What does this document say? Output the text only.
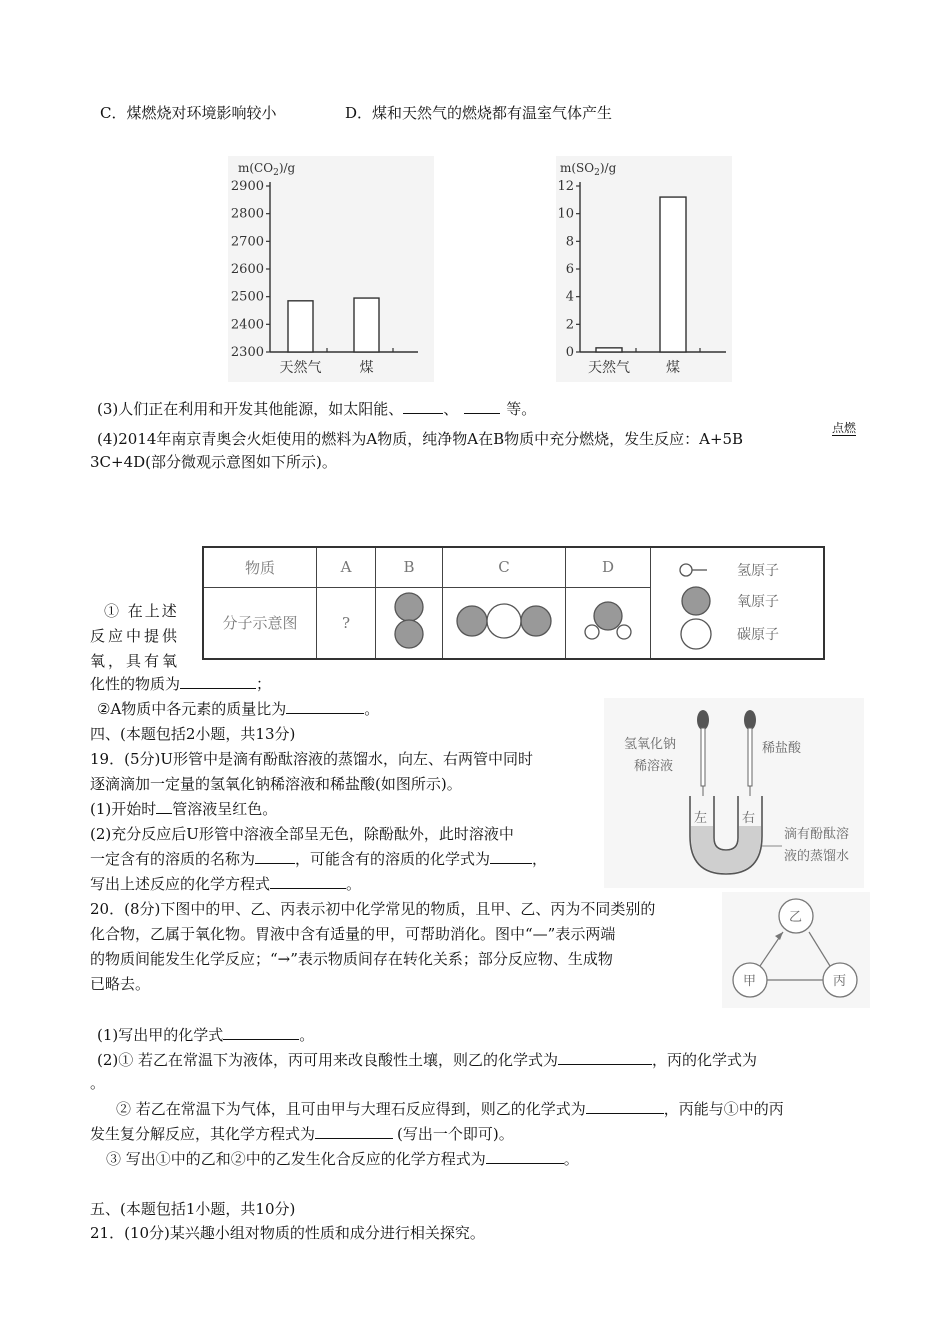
C．煤燃烧对环境影响较小	D．煤和天然气的燃烧都有温室气体产生
$m(CO_2)/g$
2300
2400
2500
2600
2700
2800
2900
天然气	煤
$m(SO_2)/g$
0
2
4
6
8
10
12
天然气	煤
(3)人们正在利用和开发其他能源，如太阳能、	、	等。
(4)2014年南京青奥会火炬使用的燃料为A物质，纯净物A在B物质中充分燃烧，发生反应：A+5B
点燃
3C+4D(部分微观示意图如下所示)。
物质	A	B	C	D	氢原子
氧原子
碳原子

分子示意图	?			
① 在上述
反应中提供
氧，具有氧
化性的物质为	；
②A物质中各元素的质量比为	。
四、(本题包括2小题，共13分)
19．(5分)U形管中是滴有酚酞溶液的蒸馏水，向左、右两管中同时
逐滴滴加一定量的氢氧化钠稀溶液和稀盐酸(如图所示)。
(1)开始时 管溶液呈红色。
(2)充分反应后U形管中溶液全部呈无色，除酚酞外，此时溶液中
一定含有的溶质的名称为	，可能含有的溶质的化学式为	，
写出上述反应的化学方程式	。
左	右
氢氧化钠
稀溶液
稀盐酸
滴有酚酞溶
液的蒸馏水
20．(8分)下图中的甲、乙、丙表示初中化学常见的物质，且甲、乙、丙为不同类别的
化合物，乙属于氧化物。胃液中含有适量的甲，可帮助消化。图中“—”表示两端
的物质间能发生化学反应；“→”表示物质间存在转化关系；部分反应物、生成物
已略去。
乙
甲	丙
(1)写出甲的化学式	。
(2)① 若乙在常温下为液体，丙可用来改良酸性土壤，则乙的化学式为	，丙的化学式为
。
② 若乙在常温下为气体，且可由甲与大理石反应得到，则乙的化学式为	，丙能与①中的丙
发生复分解反应，其化学方程式为	(写出一个即可)。
③ 写出①中的乙和②中的乙发生化合反应的化学方程式为	。
五、(本题包括1小题，共10分)
21．(10分)某兴趣小组对物质的性质和成分进行相关探究。
